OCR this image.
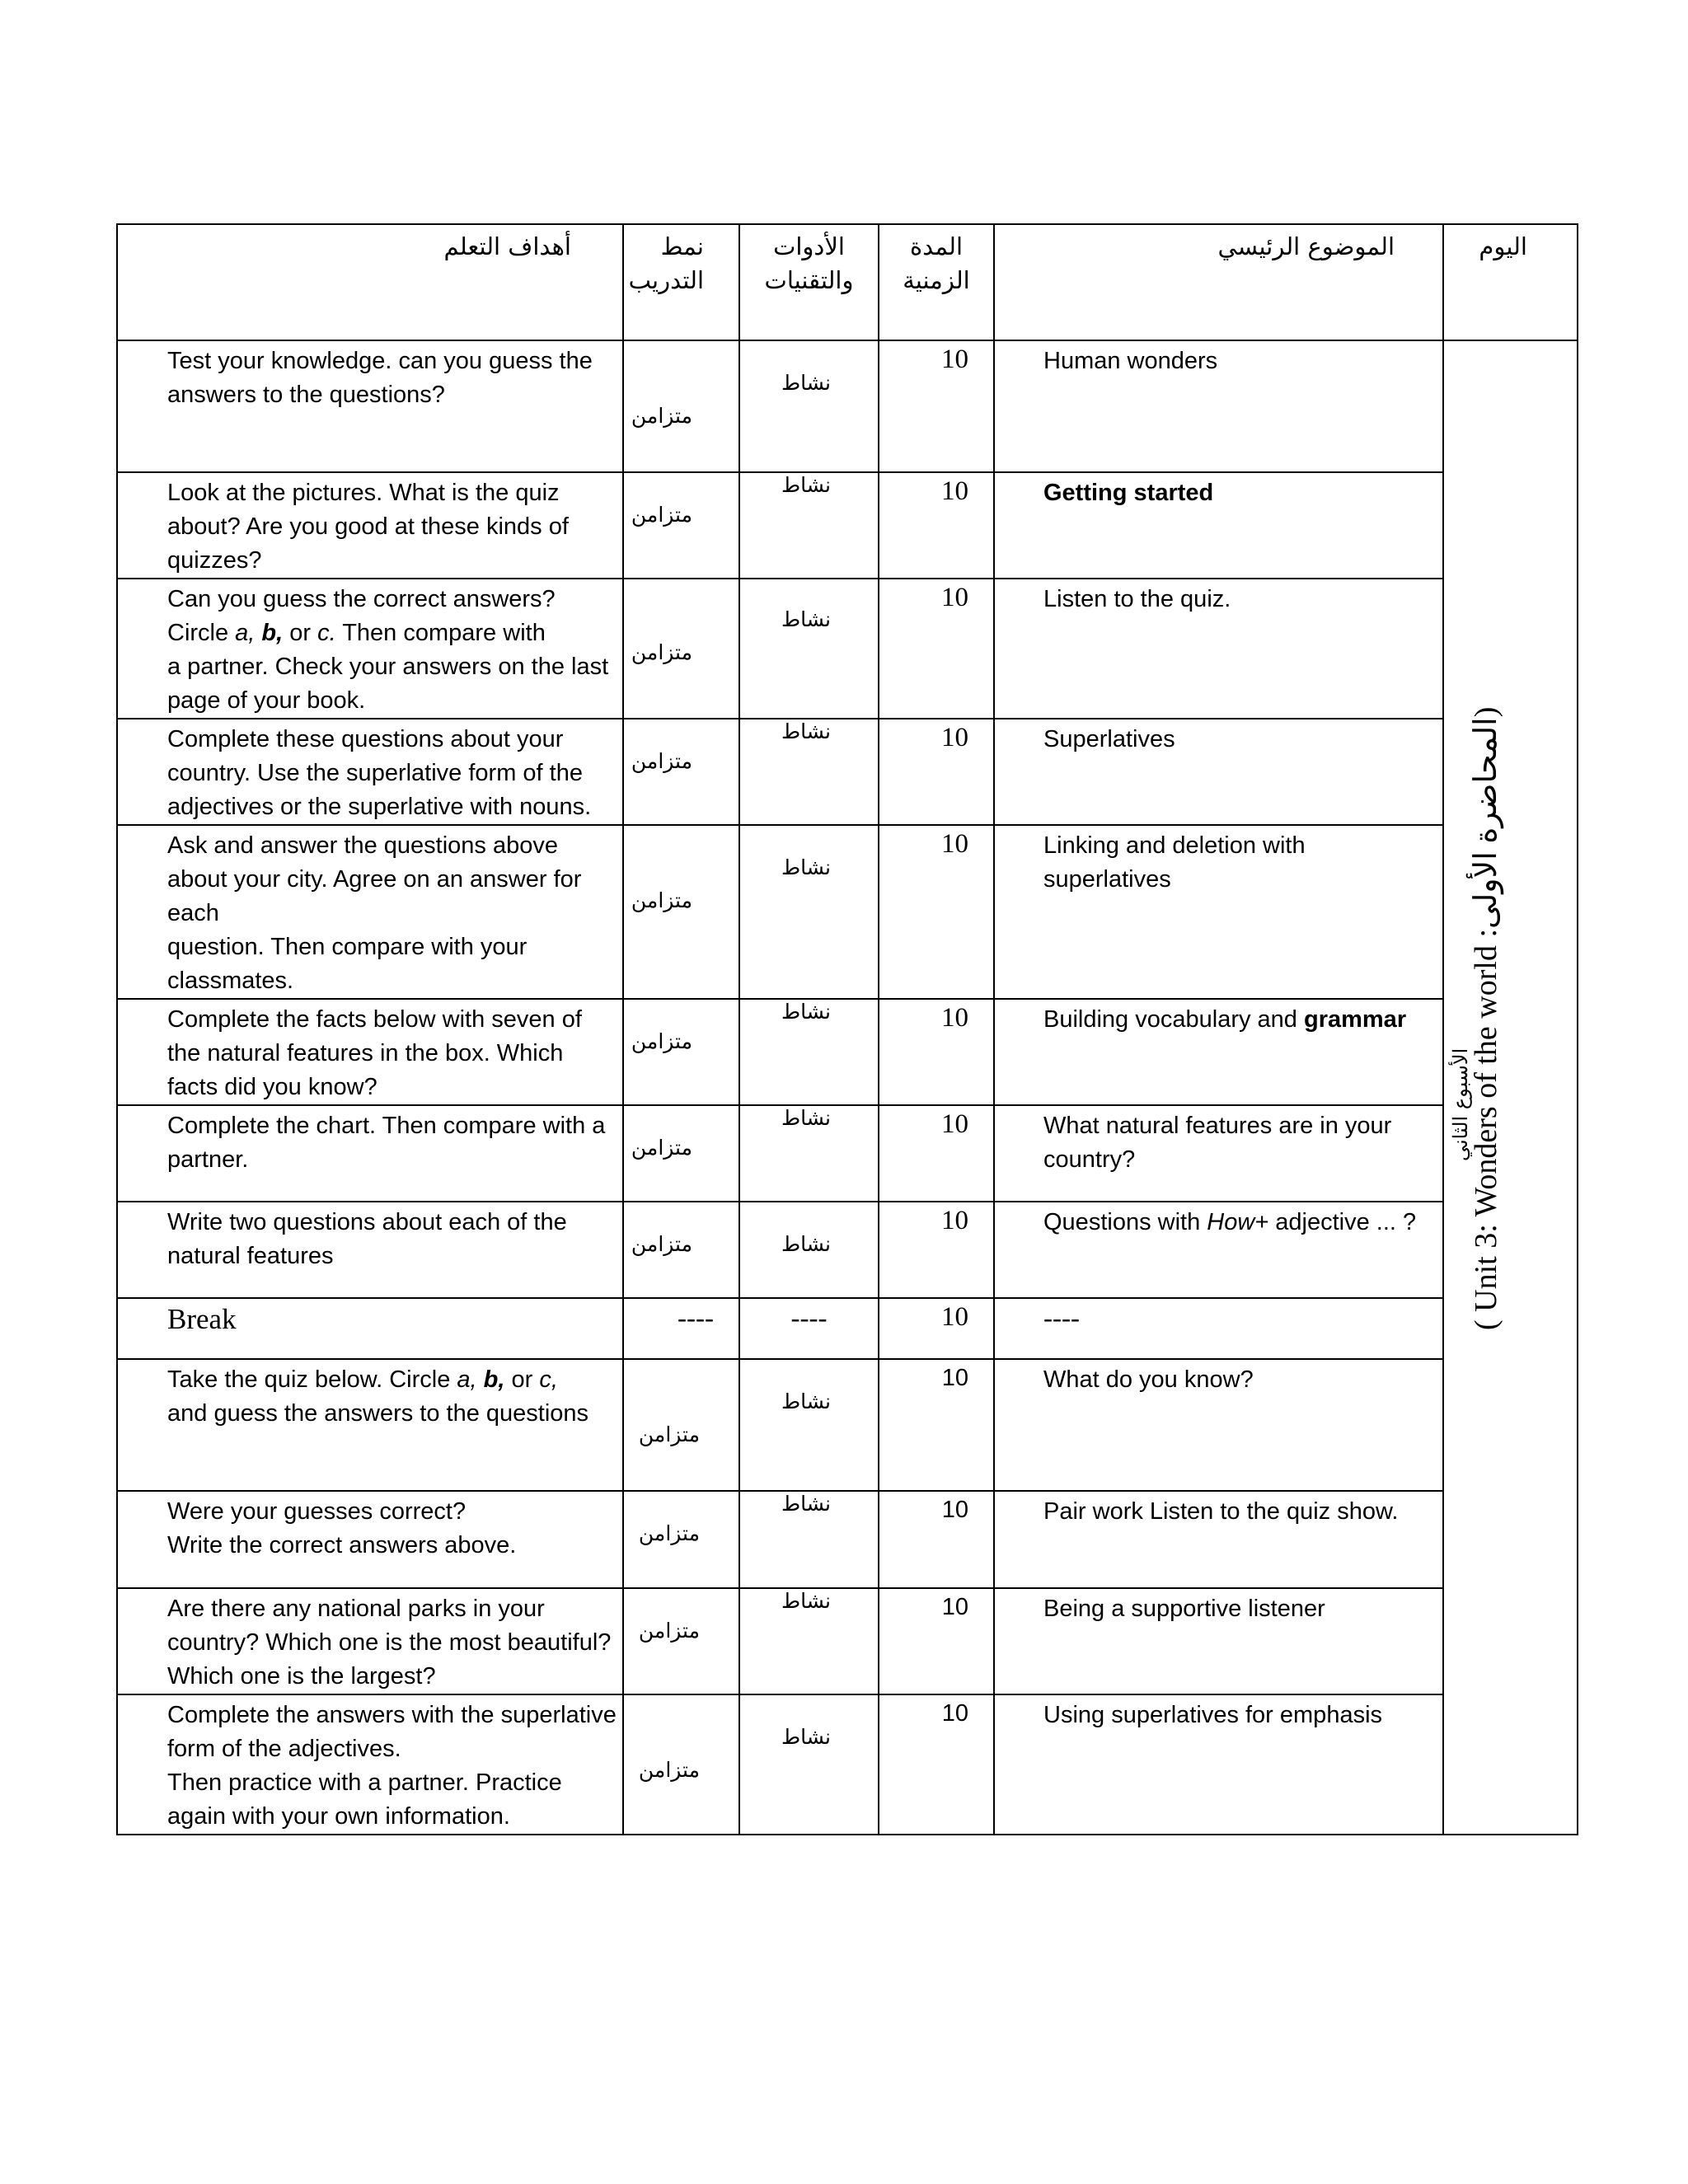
أهداف التعلم	نمط التدريب	الأدوات والتقنيات	المدة الزمنية	الموضوع الرئيسي	اليوم
Test your knowledge. can you guess the answers to the questions?	متزامن	نشاط	10	Human wonders	( Unit 3: Wonders of the world :المحاضرة الأولى)
الأسبوع الثاني

Look at the pictures. What is the quiz about? Are you good at these kinds of quizzes?	متزامن	نشاط	10	Getting started	

Can you guess the correct answers?
Circle a, b, or c. Then compare with
a partner. Check your answers on the last page of your book.	متزامن	نشاط	10	Listen to the quiz.	
Complete these questions about your country. Use the superlative form of the adjectives or the superlative with nouns.	متزامن	نشاط	10	Superlatives	

Ask and answer the questions above about your city. Agree on an answer for each
question. Then compare with your classmates.	متزامن	نشاط	10	Linking and deletion with superlatives	
Complete the facts below with seven of the natural features in the box. Which facts did you know?	متزامن	نشاط	10	Building vocabulary and grammar	
Complete the chart. Then compare with a partner.	متزامن	نشاط	10	What natural features are in your country?	
Write two questions about each of the natural features	متزامن	نشاط	10	Questions with How+ adjective ... ?	
Break	----	----	10	----	

Take the quiz below. Circle a, b, or c,
and guess the answers to the questions	متزامن	نشاط	10	What do you know?	

Were your guesses correct?
Write the correct answers above.	متزامن	نشاط	10	Pair work Listen to the quiz show.	
Are there any national parks in your country? Which one is the most beautiful? Which one is the largest?	متزامن	نشاط	10	Being a supportive listener	

Complete the answers with the superlative form of the adjectives.
Then practice with a partner. Practice again with your own information.	متزامن	نشاط	10	Using superlatives for emphasis	
